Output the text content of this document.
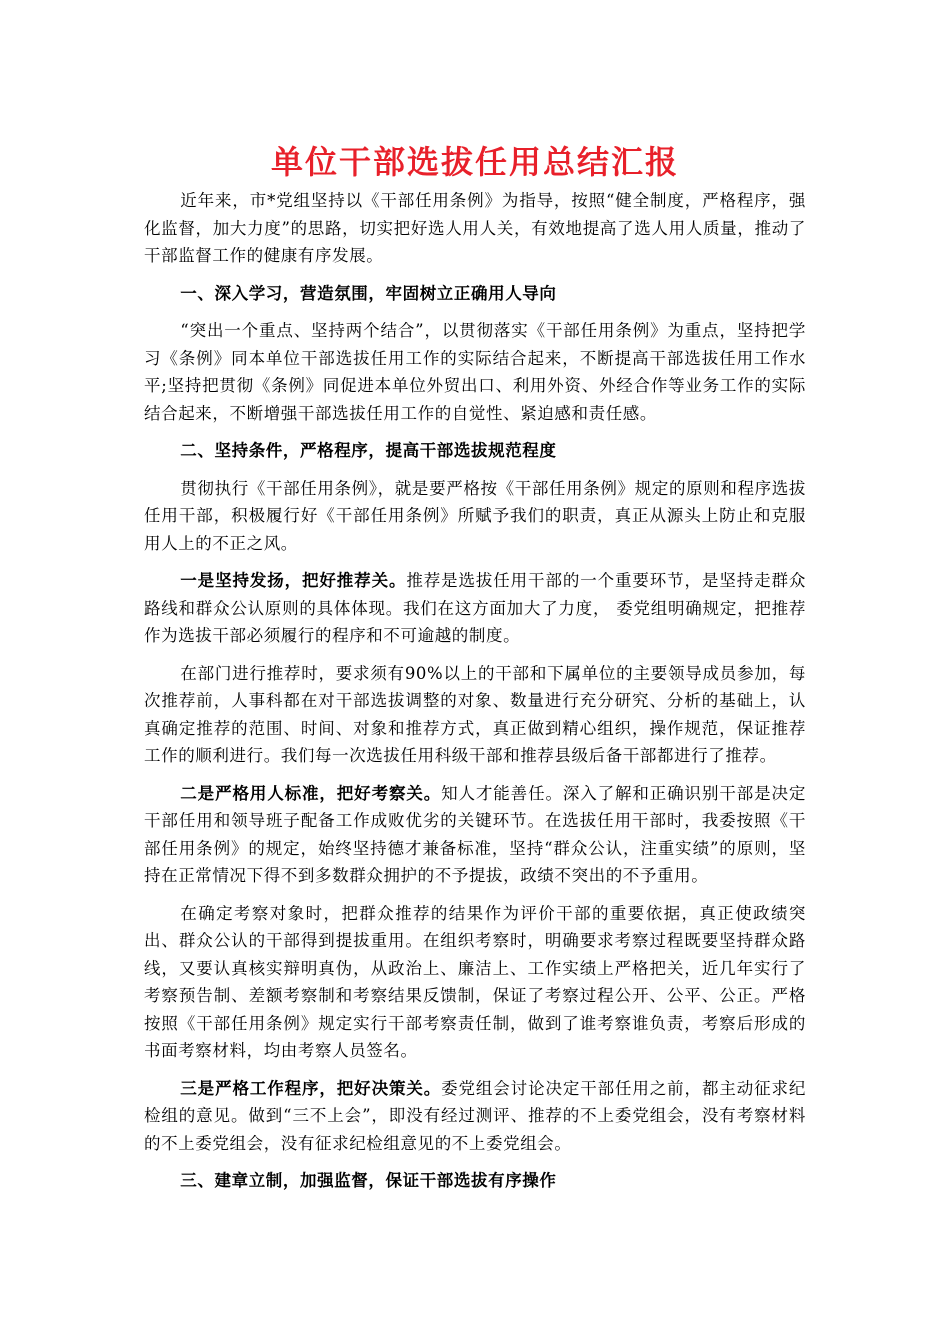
单位干部选拔任用总结汇报

近年来，市*党组坚持以《干部任用条例》为指导，按照“健全制度，严格程序，强化监督，加大力度”的思路，切实把好选人用人关，有效地提高了选人用人质量，推动了干部监督工作的健康有序发展。

一、深入学习，营造氛围，牢固树立正确用人导向

“突出一个重点、坚持两个结合”，以贯彻落实《干部任用条例》为重点，坚持把学习《条例》同本单位干部选拔任用工作的实际结合起来，不断提高干部选拔任用工作水平;坚持把贯彻《条例》同促进本单位外贸出口、利用外资、外经合作等业务工作的实际结合起来，不断增强干部选拔任用工作的自觉性、紧迫感和责任感。

二、坚持条件，严格程序，提高干部选拔规范程度

贯彻执行《干部任用条例》，就是要严格按《干部任用条例》规定的原则和程序选拔任用干部，积极履行好《干部任用条例》所赋予我们的职责，真正从源头上防止和克服用人上的不正之风。

一是坚持发扬，把好推荐关。推荐是选拔任用干部的一个重要环节，是坚持走群众路线和群众公认原则的具体体现。我们在这方面加大了力度， 委党组明确规定，把推荐作为选拔干部必须履行的程序和不可逾越的制度。

在部门进行推荐时，要求须有90%以上的干部和下属单位的主要领导成员参加，每次推荐前，人事科都在对干部选拔调整的对象、数量进行充分研究、分析的基础上，认真确定推荐的范围、时间、对象和推荐方式，真正做到精心组织，操作规范，保证推荐工作的顺利进行。我们每一次选拔任用科级干部和推荐县级后备干部都进行了推荐。

二是严格用人标准，把好考察关。知人才能善任。深入了解和正确识别干部是决定干部任用和领导班子配备工作成败优劣的关键环节。在选拔任用干部时，我委按照《干部任用条例》的规定，始终坚持德才兼备标准，坚持“群众公认，注重实绩”的原则，坚持在正常情况下得不到多数群众拥护的不予提拔，政绩不突出的不予重用。

在确定考察对象时，把群众推荐的结果作为评价干部的重要依据，真正使政绩突出、群众公认的干部得到提拔重用。在组织考察时，明确要求考察过程既要坚持群众路线，又要认真核实辩明真伪，从政治上、廉洁上、工作实绩上严格把关，近几年实行了考察预告制、差额考察制和考察结果反馈制，保证了考察过程公开、公平、公正。严格按照《干部任用条例》规定实行干部考察责任制，做到了谁考察谁负责，考察后形成的书面考察材料，均由考察人员签名。

三是严格工作程序，把好决策关。委党组会讨论决定干部任用之前，都主动征求纪检组的意见。做到“三不上会”，即没有经过测评、推荐的不上委党组会，没有考察材料的不上委党组会，没有征求纪检组意见的不上委党组会。

三、建章立制，加强监督，保证干部选拔有序操作
